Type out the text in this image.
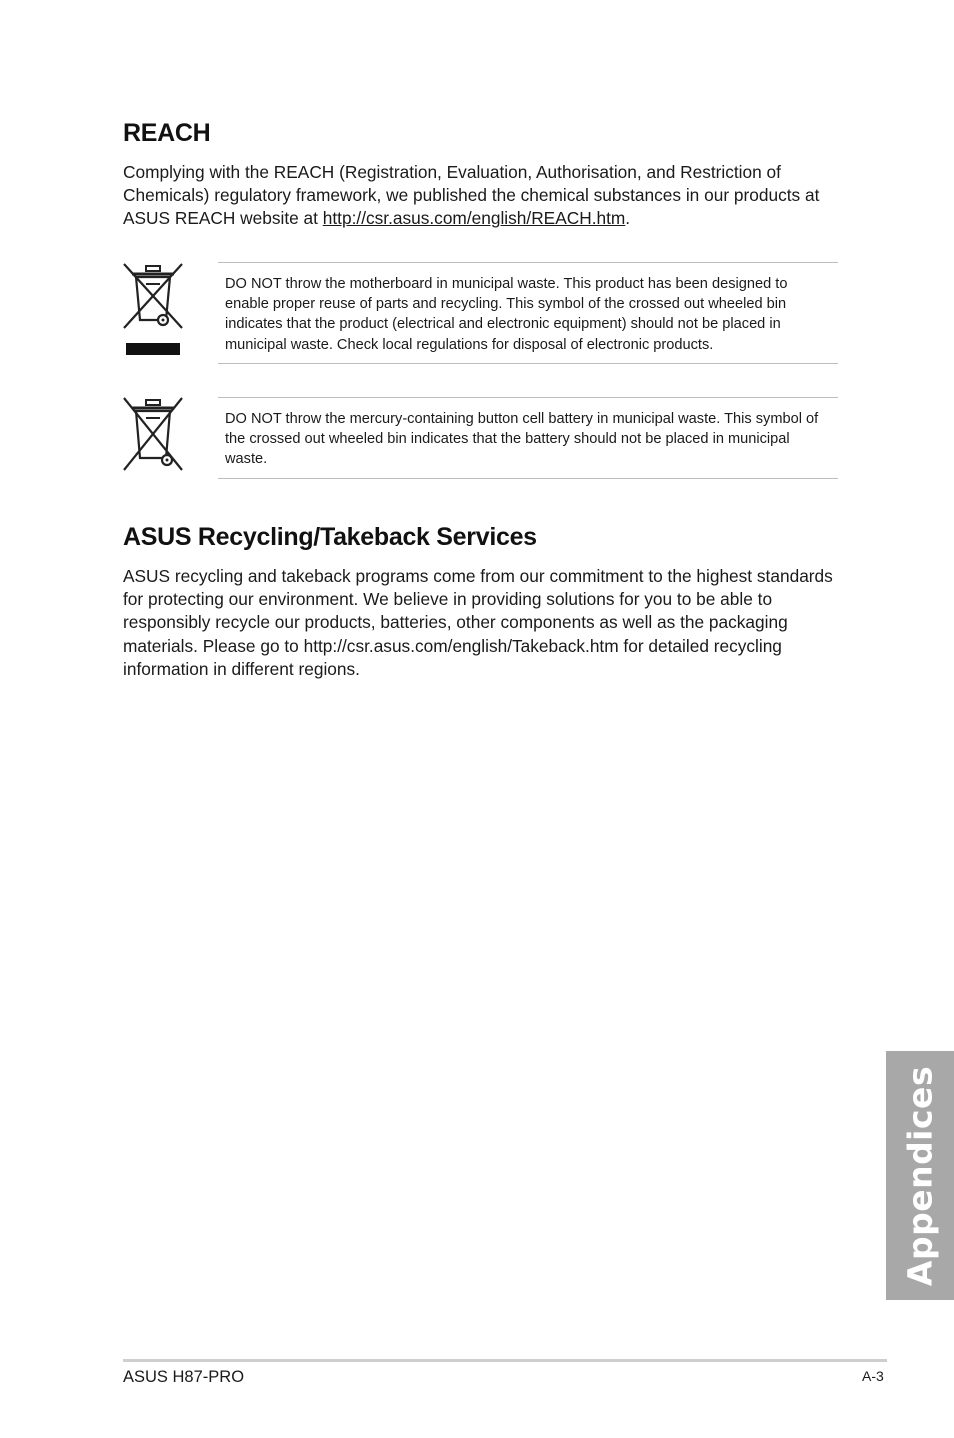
REACH
Complying with the REACH (Registration, Evaluation, Authorisation, and Restriction of Chemicals) regulatory framework, we published the chemical substances in our products at ASUS REACH website at http://csr.asus.com/english/REACH.htm.
DO NOT throw the motherboard in municipal waste. This product has been designed to enable proper reuse of parts and recycling. This symbol of the crossed out wheeled bin indicates that the product (electrical and electronic equipment) should not be placed in municipal waste. Check local regulations for disposal of electronic products.
DO NOT throw the mercury-containing button cell battery in municipal waste. This symbol of the crossed out wheeled bin indicates that the battery should not be placed in municipal waste.
ASUS Recycling/Takeback Services
ASUS recycling and takeback programs come from our commitment to the highest standards for protecting our environment. We believe in providing solutions for you to be able to responsibly recycle our products, batteries, other components as well as the packaging materials. Please go to http://csr.asus.com/english/Takeback.htm for detailed recycling information in different regions.
Appendices
ASUS H87-PRO	A-3
